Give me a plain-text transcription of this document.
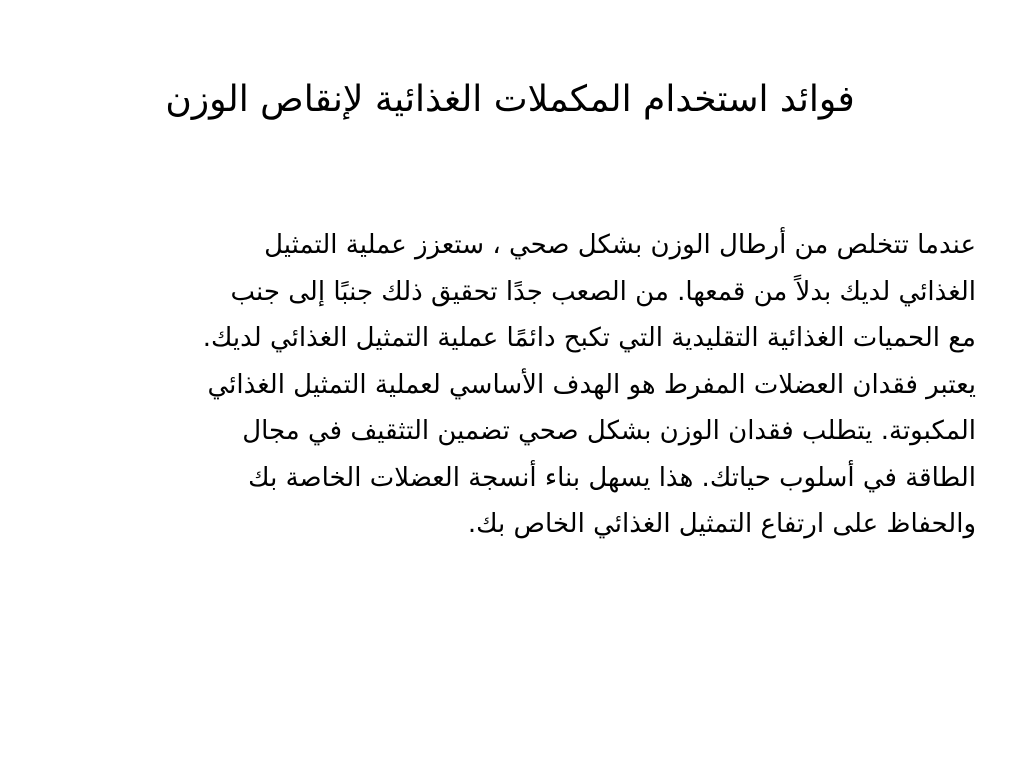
فوائد استخدام المكملات الغذائية لإنقاص الوزن
عندما تتخلص من أرطال الوزن بشكل صحي ، ستعزز عملية التمثيل
الغذائي لديك بدلاً من قمعها. من الصعب جدًا تحقيق ذلك جنبًا إلى جنب
مع الحميات الغذائية التقليدية التي تكبح دائمًا عملية التمثيل الغذائي لديك.
يعتبر فقدان العضلات المفرط هو الهدف الأساسي لعملية التمثيل الغذائي
المكبوتة. يتطلب فقدان الوزن بشكل صحي تضمين التثقيف في مجال
الطاقة في أسلوب حياتك. هذا يسهل بناء أنسجة العضلات الخاصة بك
والحفاظ على ارتفاع التمثيل الغذائي الخاص بك.
